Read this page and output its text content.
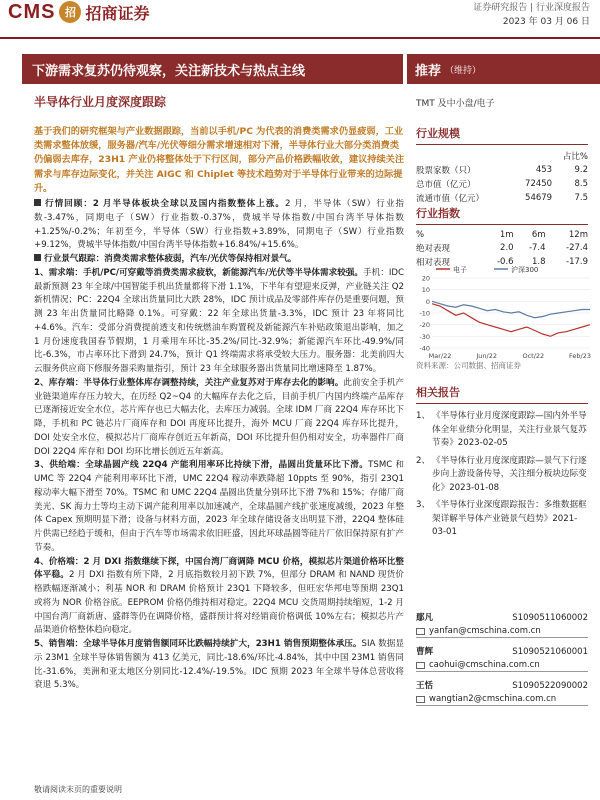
CMS 招 招商证券	证券研究报告 | 行业深度报告
2023 年 03 月 06 日
下游需求复苏仍待观察，关注新技术与热点主线	推荐 （维持）
半导体行业月度深度跟踪	TMT 及中小盘/电子
基于我们的研究框架与产业数据跟踪，当前以手机/PC 为代表的消费类需求仍显疲弱，工业类需求整体放缓，服务器/汽车/光伏等细分需求增速相对下滑，半导体行业大部分类消费类仍偏弱去库存，23H1 产业仍将整体处于下行区间，部分产品价格跌幅收敛，建议持续关注需求与库存边际变化，并关注 AIGC 和 Chiplet 等技术趋势对于半导体行业带来的边际提升。

行情回顾：2 月半导体板块全球以及国内指数整体上涨。2 月，半导体（SW）行业指数-3.47%，同期电子（SW）行业指数-0.37%，费城半导体指数/中国台湾半导体指数+1.25%/-0.2%；年初至今，半导体（SW）行业指数+3.89%，同期电子（SW）行业指数+9.12%，费城半导体指数/中国台湾半导体指数+16.84%/+15.6%。

行业景气跟踪：消费类需求整体疲弱，汽车/光伏等保持相对景气。

1、需求端：手机/PC/可穿戴等消费类需求疲软，新能源汽车/光伏等半导体需求较强。手机：IDC 最新预测 23 年全球/中国智能手机出货量都将下滑 1.1%，下半年有望迎来反弹，产业链关注 Q2 新机情况；PC：22Q4 全球出货量同比大跌 28%，IDC 预计成品及零部件库存仍是重要问题，预测 23 年出货量同比略降 0.1%。可穿戴：22 年全球出货量-3.3%，IDC 预计 23 年将同比+4.6%。汽车：受部分消费提前透支和传统燃油车购置税及新能源汽车补贴政策退出影响，加之 1 月份速度我国春节假期，1 月乘用车环比-35.2%/同比-32.9%；新能源汽车环比-49.9%/同比-6.3%，市占率环比下滑到 24.7%，预计 Q1 终端需求将承受较大压力。服务器：北美前四大云服务供应商下修服务器采购量指引，预计 23 年全球服务器出货量同比增速降至 1.87%。

2、库存端：半导体行业整体库存调整持续，关注产业复苏对于库存去化的影响。此前安全手机产业链渠道库存压力较大，在历经 Q2~Q4 的大幅库存去化之后，目前手机厂内国内终端产品库存已逐渐接近安全水位，芯片库存也已大幅去化，去库压力减弱。全球 IDM 厂商 22Q4 库存环比下降，手机和 PC 链芯片厂商库存和 DOI 再度环比提升，海外 MCU 厂商 22Q4 库存环比提升，DOI 处安全水位，模拟芯片厂商库存创近五年新高，DOI 环比提升但仍相对安全，功率器件厂商 DOI 22Q4 库存和 DOI 均环比增长创近五年新高。

3、供给端：全球晶圆产线 22Q4 产能利用率环比持续下滑，晶圆出货量环比下滑。TSMC 和 UMC 等 22Q4 产能利用率环比下滑，UMC 22Q4 稼动率跌降超 10ppts 至 90%，指引 23Q1 稼动率大幅下滑至 70%。TSMC 和 UMC 22Q4 晶圆出货量分别环比下滑 7%和 15%；存储厂商美光、SK 海力士等均主动下调产能利用率以加速减产，全球晶圆产线扩张速度减缓，2023 年整体 Capex 预期明显下滑；设备与材料方面，2023 年全球存储设备支出明显下滑，22Q4 整体硅片供需已经趋于缓和，但由于汽车等市场需求依旧旺盛，因此环球晶圆等硅片厂依旧保持原有扩产节奏。

4、价格端：2 月 DXI 指数继续下探，中国台湾厂商调降 MCU 价格，模拟芯片渠道价格环比整体平稳。2 月 DXI 指数有所下降，2 月底指数较月初下跌 7%，但部分 DRAM 和 NAND 现货价格跌幅逐渐减小；利基 NOR 和 DRAM 价格预计 23Q1 下降较多，但旺宏华邦电等预期 23Q1 或将为 NOR 价格谷底。EEPROM 价格仍维持相对稳定。22Q4 MCU 交货周期持续缩短，1-2 月中国台湾厂商新唐、盛群等仍在调降价格，盛群预计将对经销商价格调低 10%左右；模拟芯片产品渠道价格整体趋向稳定。

5、销售端：全球半导体月度销售额同环比跌幅持续扩大，23H1 销售预期整体承压。SIA 数据显示 23M1 全球半导体销售额为 413 亿美元，同比-18.6%/环比-4.84%，其中中国 23M1 销售同比-31.6%，美洲和亚太地区分别同比-12.4%/-19.5%。IDC 预期 2023 年全球半导体总营收将衰退 5.3%。

行业规模
		占比%
股票家数（只）	453	9.2
总市值（亿元）	72450	8.5
流通市值（亿元）	54679	7.5
行业指数
%	1m	6m	12m
绝对表现	2.0	-7.4	-27.4
相对表现	-0.6	1.8	-17.9
电子	沪深300
20
10
0
-10
-20
-30
-40
Mar/22	Jun/22	Oct/22	Feb/23
资料来源：公司数据、招商证券
相关报告
1、 《半导体行业月度深度跟踪—国内外半导体全年业绩分化明显，关注行业景气复苏节奏》2023-02-05
2、 《半导体行业月度深度跟踪—景气下行逐步向上游设备传导，关注细分板块边际变化》2023-01-08
3、 《半导体行业深度跟踪报告：多维数据框架详解半导体产业链景气趋势》2021-03-01
鄢凡	S1090511060002
yanfan@cmschina.com.cn
曹辉	S1090521060001
caohui@cmschina.com.cn
王恬	S1090522090002
wangtian2@cmschina.com.cn
敬请阅读末页的重要说明
